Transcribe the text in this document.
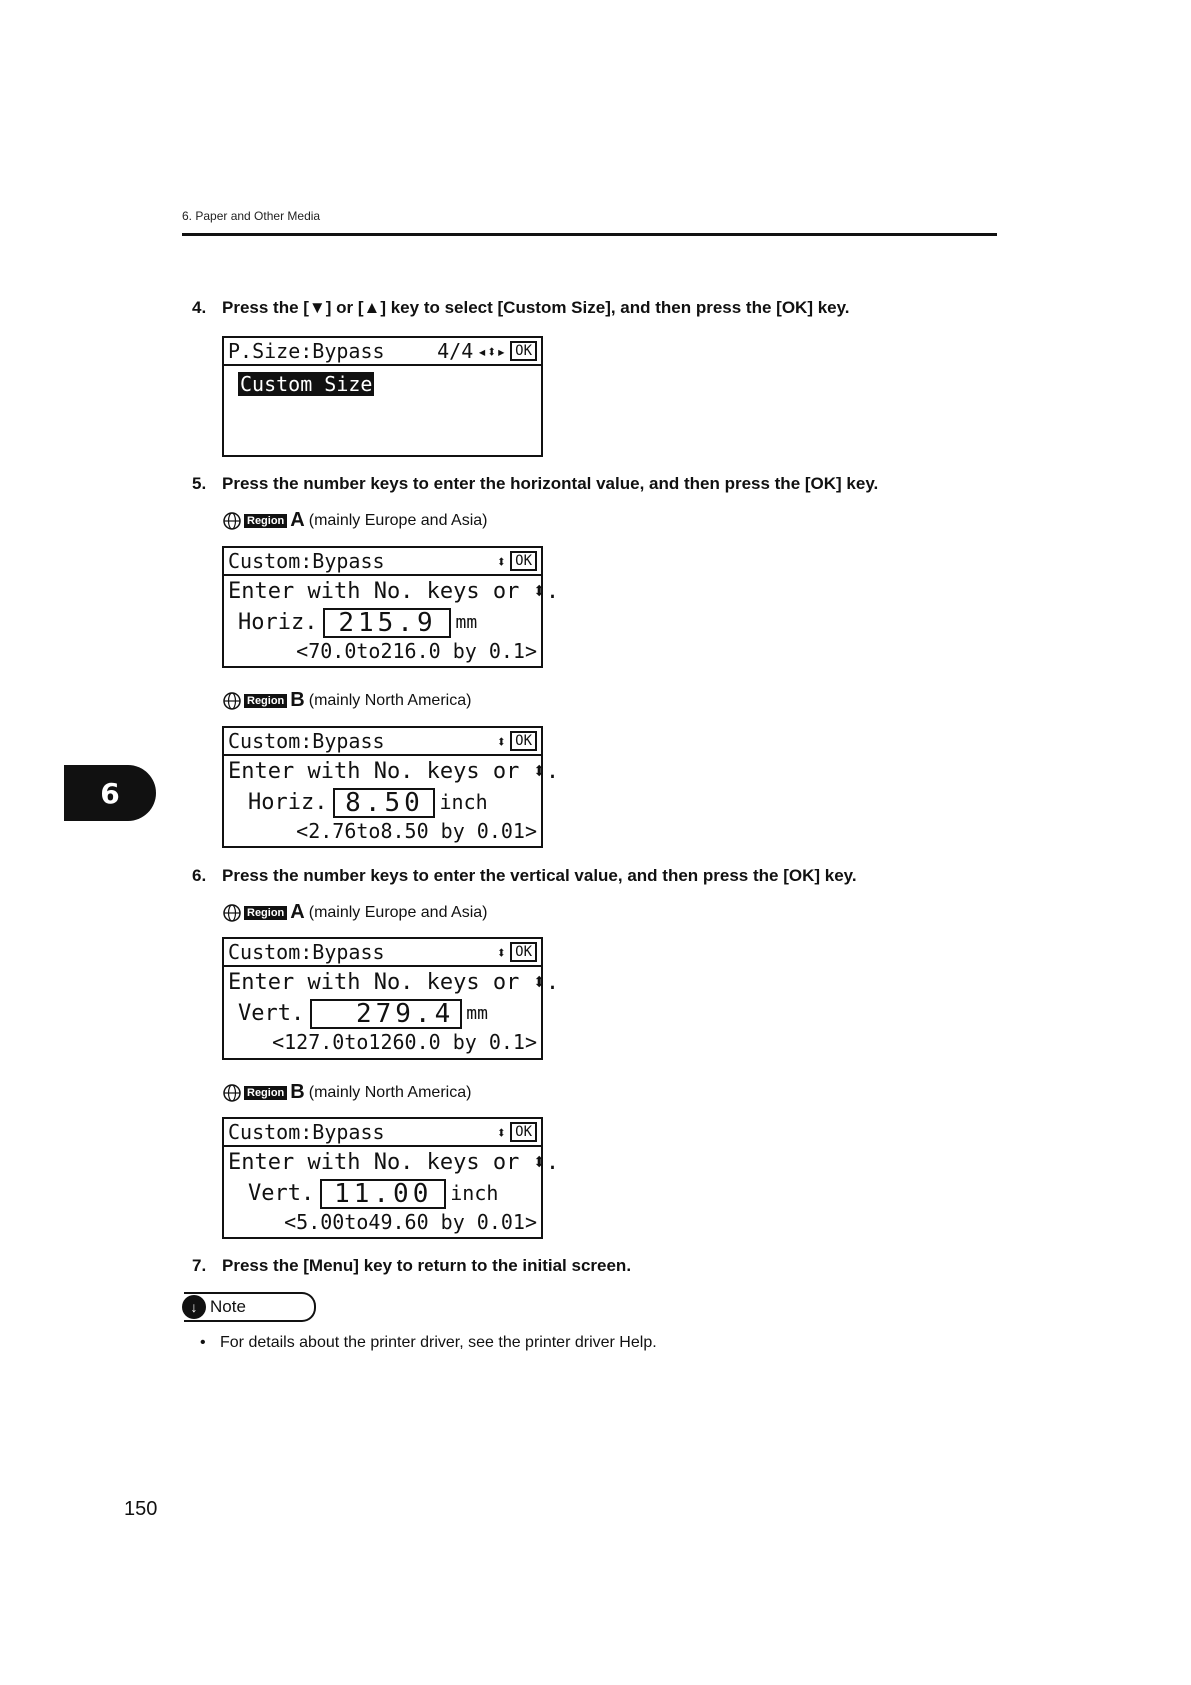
6. Paper and Other Media
6
4. Press the [▼] or [▲] key to select [Custom Size], and then press the [OK] key.
P.Size:Bypass	4/4 ◂⬍▸ OK
Custom Size
5. Press the number keys to enter the horizontal value, and then press the [OK] key.
Region A (mainly Europe and Asia)
Custom:Bypass	⬍ OK
Enter with No. keys or ⬍.
Horiz. 215.9	mm
<70.0to216.0 by 0.1>
Region B (mainly North America)
Custom:Bypass	⬍ OK
Enter with No. keys or ⬍.
Horiz. 8.50 inch
<2.76to8.50 by 0.01>
6. Press the number keys to enter the vertical value, and then press the [OK] key.
Region A (mainly Europe and Asia)
Custom:Bypass	⬍ OK
Enter with No. keys or ⬍.
Vert.	279.4 mm
<127.0to1260.0 by 0.1>
Region B (mainly North America)
Custom:Bypass	⬍ OK
Enter with No. keys or ⬍.
Vert. 11.00 inch
<5.00to49.60 by 0.01>
7. Press the [Menu] key to return to the initial screen.
↓ Note
• For details about the printer driver, see the printer driver Help.
150
